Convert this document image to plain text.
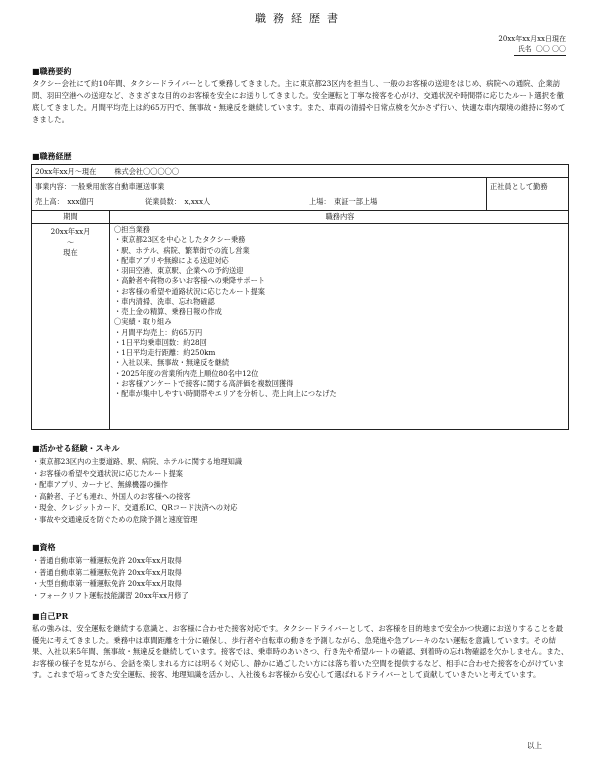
職務経歴書
20xx年xx月xx日現在
氏名 〇〇 〇〇
■職務要約
タクシー会社にて約10年間、タクシードライバーとして乗務してきました。主に東京都23区内を担当し、一般のお客様の送迎をはじめ、病院への通院、企業訪問、羽田空港への送迎など、さまざまな目的のお客様を安全にお送りしてきました。安全運転と丁寧な接客を心がけ、交通状況や時間帯に応じたルート選択を徹底してきました。月間平均売上は約65万円で、無事故・無違反を継続しています。また、車両の清掃や日常点検を欠かさず行い、快適な車内環境の維持に努めてきました。
■職務経歴
20xx年xx月～現在	株式会社〇〇〇〇〇
事業内容：一般乗用旅客自動車運送事業
売上高：　xxx億円	従業員数：　x,xxx人	上場：　東証一部上場
正社員として勤務
期間	職務内容
20xx年xx月
～
現在
〇担当業務
・東京都23区を中心としたタクシー乗務
・駅、ホテル、病院、繁華街での流し営業
・配車アプリや無線による送迎対応
・羽田空港、東京駅、企業への予約送迎
・高齢者や荷物の多いお客様への乗降サポート
・お客様の希望や道路状況に応じたルート提案
・車内清掃、洗車、忘れ物確認
・売上金の精算、乗務日報の作成
〇実績・取り組み
・月間平均売上：約65万円
・1日平均乗車回数：約28回
・1日平均走行距離：約250km
・入社以来、無事故・無違反を継続
・2025年度の営業所内売上順位80名中12位
・お客様アンケートで接客に関する高評価を複数回獲得
・配車が集中しやすい時間帯やエリアを分析し、売上向上につなげた
■活かせる経験・スキル
・ 東京都23区内の主要道路、駅、病院、ホテルに関する地理知識
・ お客様の希望や交通状況に応じたルート提案
・ 配車アプリ、カーナビ、無線機器の操作
・ 高齢者、子ども連れ、外国人のお客様への接客
・ 現金、クレジットカード、交通系IC、QRコード決済への対応
・ 事故や交通違反を防ぐための危険予測と速度管理
■資格
・ 普通自動車第一種運転免許 20xx年xx月取得
・ 普通自動車第二種運転免許 20xx年xx月取得
・ 大型自動車第一種運転免許 20xx年xx月取得
・ フォークリフト運転技能講習 20xx年xx月修了
■自己PR
私の強みは、安全運転を継続する意識と、お客様に合わせた接客対応です。タクシードライバーとして、お客様を目的地まで安全かつ快適にお送りすることを最優先に考えてきました。乗務中は車間距離を十分に確保し、歩行者や自転車の動きを予測しながら、急発進や急ブレーキのない運転を意識しています。その結果、入社以来5年間、無事故・無違反を継続しています。接客では、乗車時のあいさつ、行き先や希望ルートの確認、到着時の忘れ物確認を欠かしません。また、お客様の様子を見ながら、会話を楽しまれる方には明るく対応し、静かに過ごしたい方には落ち着いた空間を提供するなど、相手に合わせた接客を心がけています。これまで培ってきた安全運転、接客、地理知識を活かし、入社後もお客様から安心して選ばれるドライバーとして貢献していきたいと考えています。
以上
